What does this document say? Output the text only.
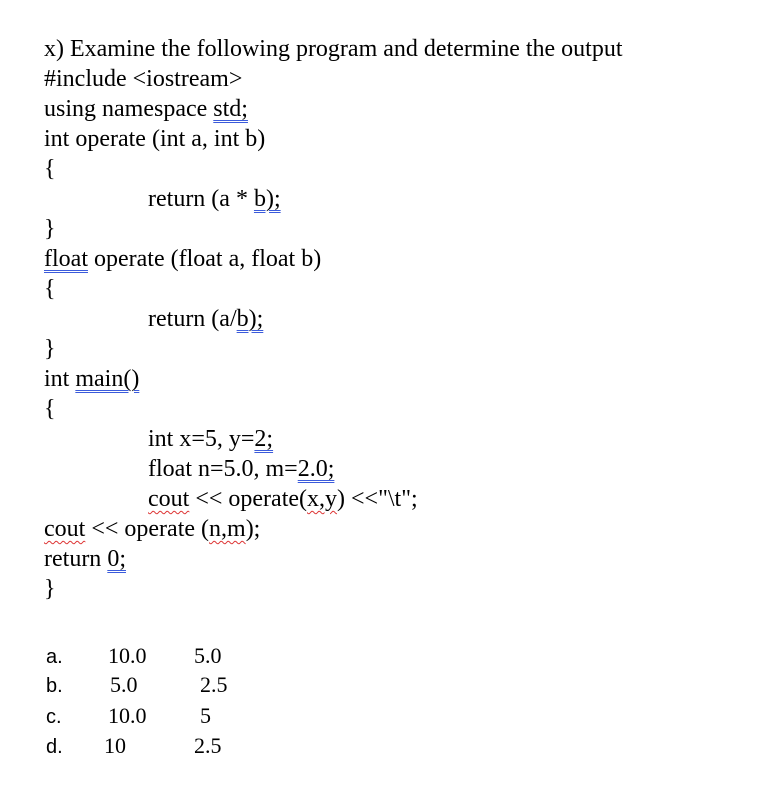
x) Examine the following program and determine the output
#include <iostream>
using namespace std;
int operate (int a, int b)
{
return (a * b);
}
float operate (float a, float b)
{
return (a/b);
}
int main()
{
int x=5, y=2;
float n=5.0, m=2.0;
cout << operate(x,y) <<"\t";
cout << operate (n,m);
return 0;
}
a. 10.0 5.0
b. 5.0	2.5
c. 10.0 5
d. 10	2.5
